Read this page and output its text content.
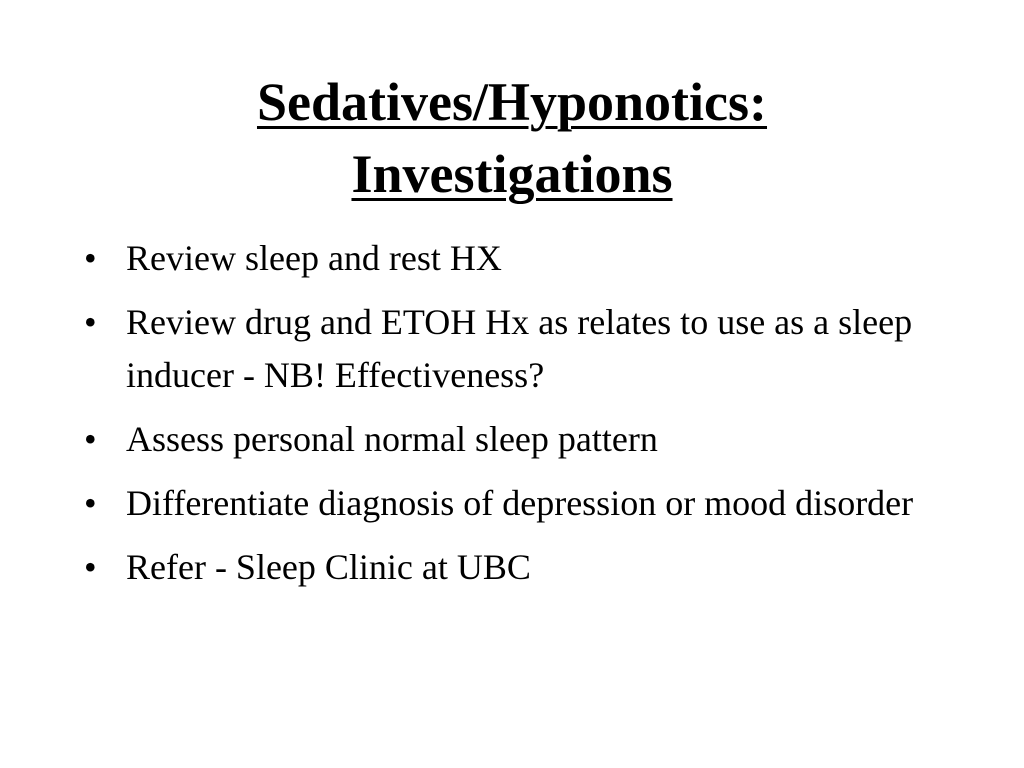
Sedatives/Hyponotics:
Investigations
• Review sleep and rest HX
• Review drug and ETOH Hx as relates to use as a sleep inducer - NB! Effectiveness?
• Assess personal normal sleep pattern
• Differentiate diagnosis of depression or mood disorder
• Refer - Sleep Clinic at UBC
